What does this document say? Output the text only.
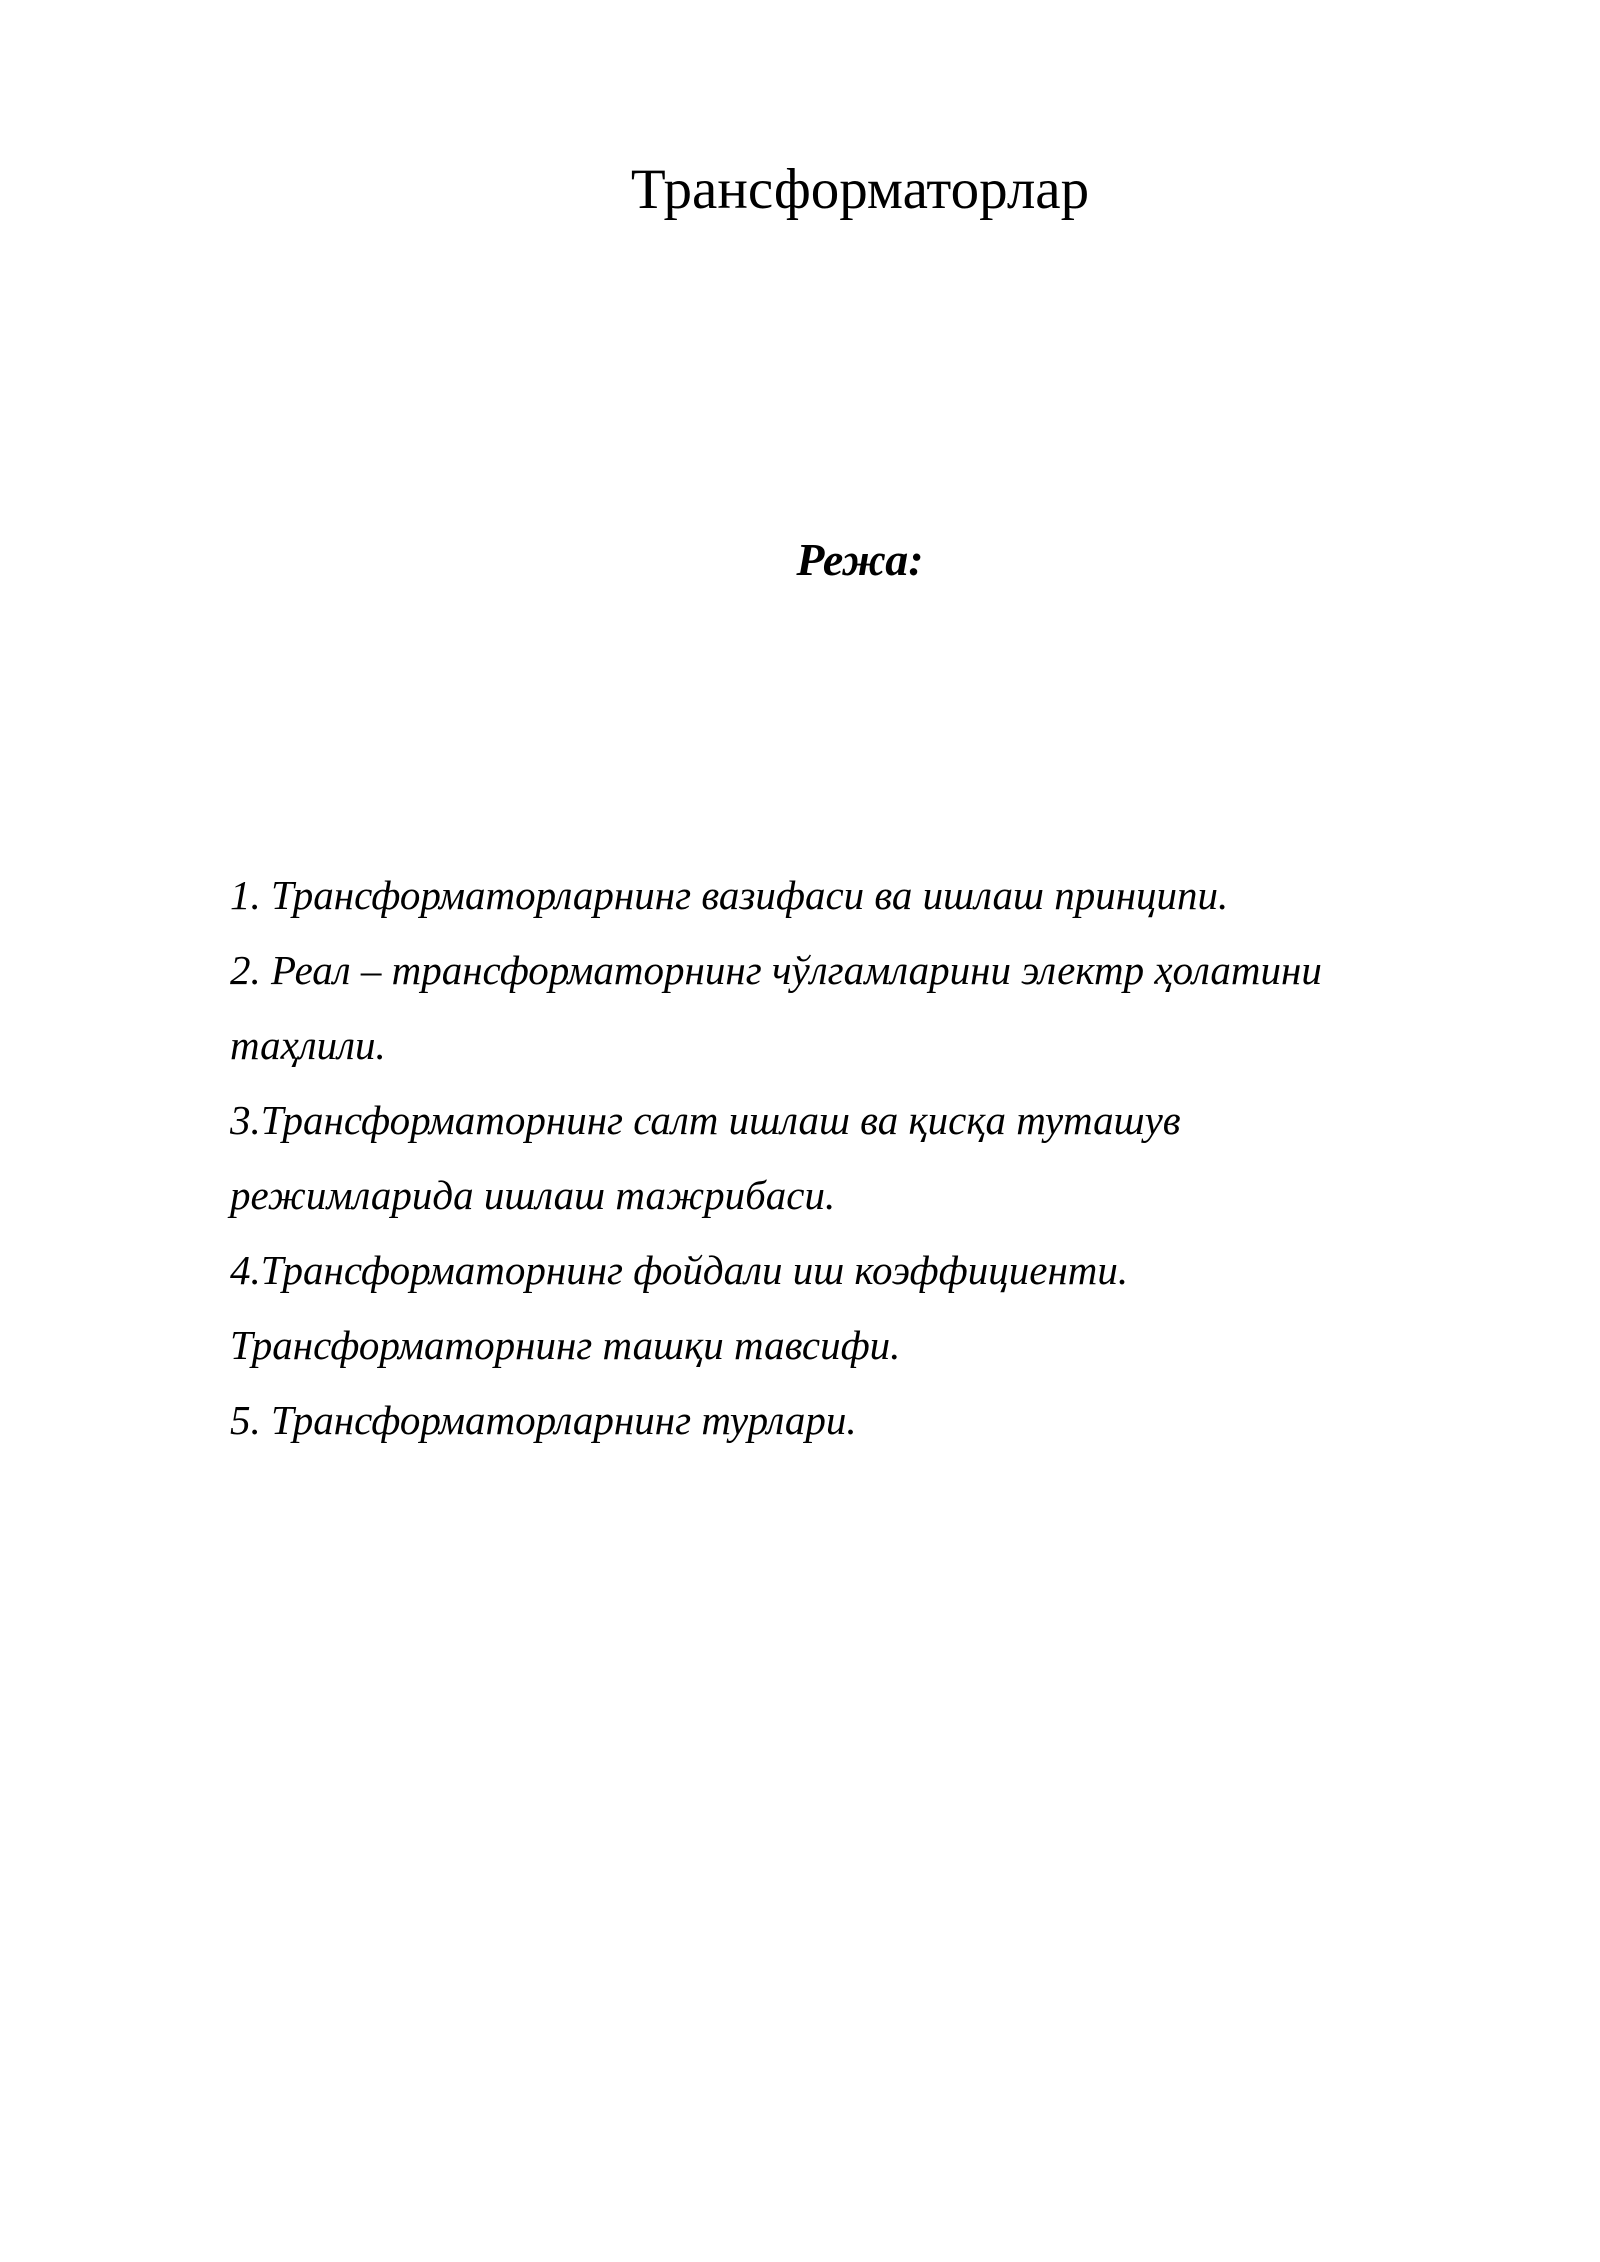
Трансформаторлар
Режа:
1. Трансформаторларнинг вазифаси ва ишлаш принципи.
2. Реал – трансформаторнинг чўлгамларини электр ҳолатини
таҳлили.
3.Трансформаторнинг салт ишлаш ва қисқа туташув
режимларида ишлаш тажрибаси.
4.Трансформаторнинг фойдали иш коэффициенти.
Трансформаторнинг ташқи тавсифи.
5. Трансформаторларнинг турлари.
